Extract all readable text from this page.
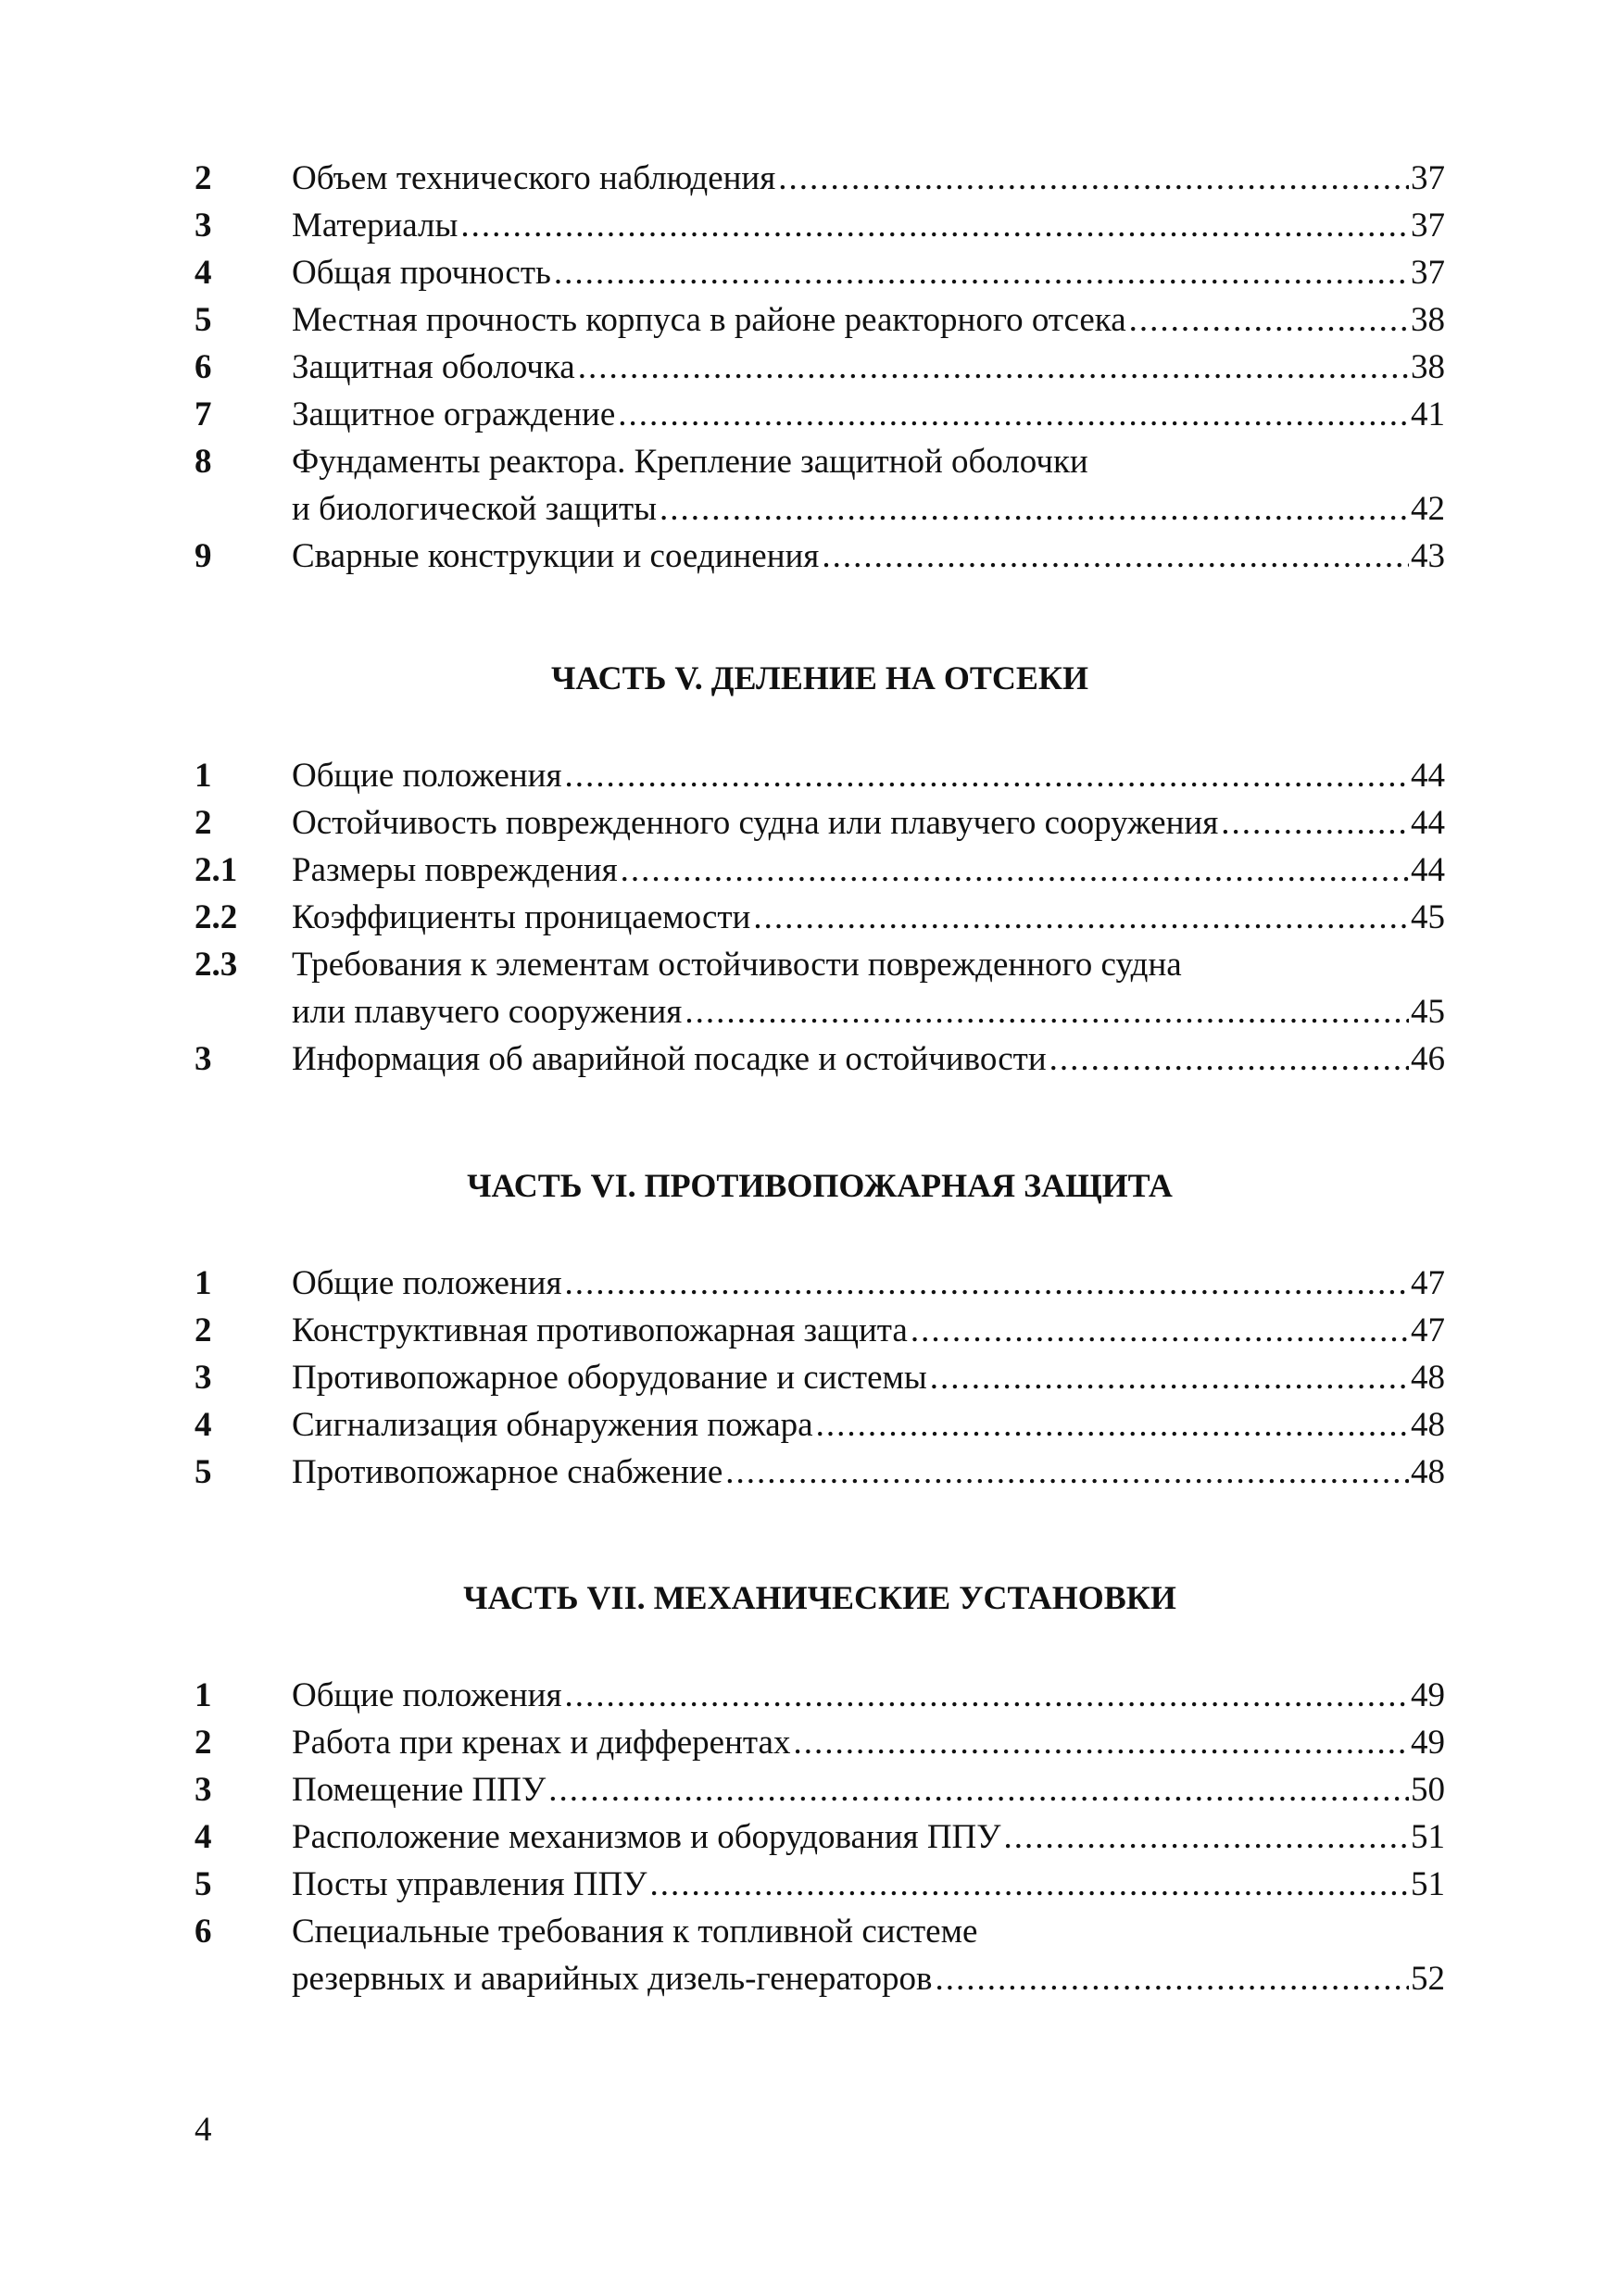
2	Объем технического наблюдения .....	37
3	Материалы .....	37
4	Общая прочность .....	37
5	Местная прочность корпуса в районе реакторного отсека .....	38
6	Защитная оболочка .....	38
7	Защитное ограждение .....	41
8	Фундаменты реактора. Крепление защитной оболочки
и биологической защиты .....	42
9	Сварные конструкции и соединения .....	43
ЧАСТЬ V. ДЕЛЕНИЕ НА ОТСЕКИ
1	Общие положения .....	44
2	Остойчивость поврежденного судна или плавучего сооружения .....	44
2.1	Размеры повреждения .....	44
2.2	Коэффициенты проницаемости .....	45
2.3	Требования к элементам остойчивости поврежденного судна
или плавучего сооружения .....	45
3	Информация об аварийной посадке и остойчивости .....	46
ЧАСТЬ VI. ПРОТИВОПОЖАРНАЯ ЗАЩИТА
1	Общие положения .....	47
2	Конструктивная противопожарная защита .....	47
3	Противопожарное оборудование и системы .....	48
4	Сигнализация обнаружения пожара .....	48
5	Противопожарное снабжение .....	48
ЧАСТЬ VII. МЕХАНИЧЕСКИЕ УСТАНОВКИ
1	Общие положения .....	49
2	Работа при кренах и дифферентах .....	49
3	Помещение ППУ .....	50
4	Расположение механизмов и оборудования ППУ .....	51
5	Посты управления ППУ .....	51
6	Специальные требования к топливной системе
резервных и аварийных дизель-генераторов .....	52
4
